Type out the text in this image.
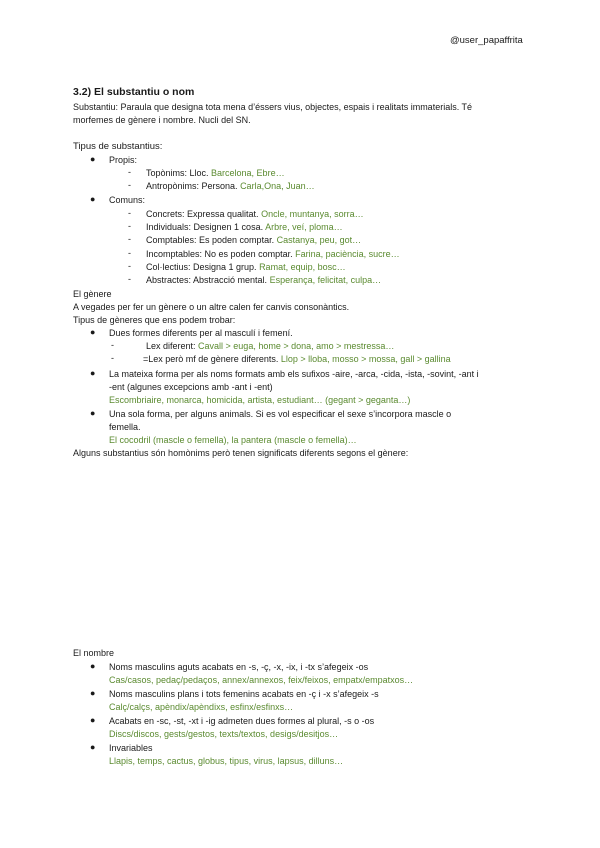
@user_papaffrita
3.2) El substantiu o nom
Substantiu: Paraula que designa tota mena d’éssers vius, objectes, espais i realitats immaterials. Té
morfemes de gènere i nombre. Nucli del SN.
Tipus de substantius:
● Propis:
- Topònims: Lloc. Barcelona, Ebre…
- Antropònims: Persona. Carla,Ona, Juan…
● Comuns:
- Concrets: Expressa qualitat. Oncle, muntanya, sorra…
- Individuals: Designen 1 cosa. Arbre, veí, ploma…
- Comptables: Es poden comptar. Castanya, peu, got…
- Incomptables: No es poden comptar. Farina, paciència, sucre…
- Col·lectius: Designa 1 grup. Ramat, equip, bosc…
- Abstractes: Abstracció mental. Esperança, felicitat, culpa…
El gènere
A vegades per fer un gènere o un altre calen fer canvis consonàntics.
Tipus de gèneres que ens podem trobar:
● Dues formes diferents per al masculí i femení.
-	Lex diferent: Cavall > euga, home > dona, amo > mestressa…
-	=Lex però mf de gènere diferents. Llop > lloba, mosso > mossa, gall > gallina
● La mateixa forma per als noms formats amb els sufixos -aire, -arca, -cida, -ista, -sovint, -ant i
-ent (algunes excepcions amb -ant i -ent)
Escombriaire, monarca, homicida, artista, estudiant… (gegant > geganta…)
● Una sola forma, per alguns animals. Si es vol especificar el sexe s’incorpora mascle o
femella.
El cocodril (mascle o femella), la pantera (mascle o femella)…
Alguns substantius són homònims però tenen significats diferents segons el gènere:
El nombre
● Noms masculins aguts acabats en -s, -ç, -x, -ix, i -tx s’afegeix -os
Cas/casos, pedaç/pedaços, annex/annexos, feix/feixos, empatx/empatxos…
● Noms masculins plans i tots femenins acabats en -ç i -x s’afegeix -s
Calç/calçs, apèndix/apèndixs, esfinx/esfinxs…
● Acabats en -sc, -st, -xt i -ig admeten dues formes al plural, -s o -os
Discs/discos, gests/gestos, texts/textos, desigs/desitjos…
● Invariables
Llapis, temps, cactus, globus, tipus, virus, lapsus, dilluns…
